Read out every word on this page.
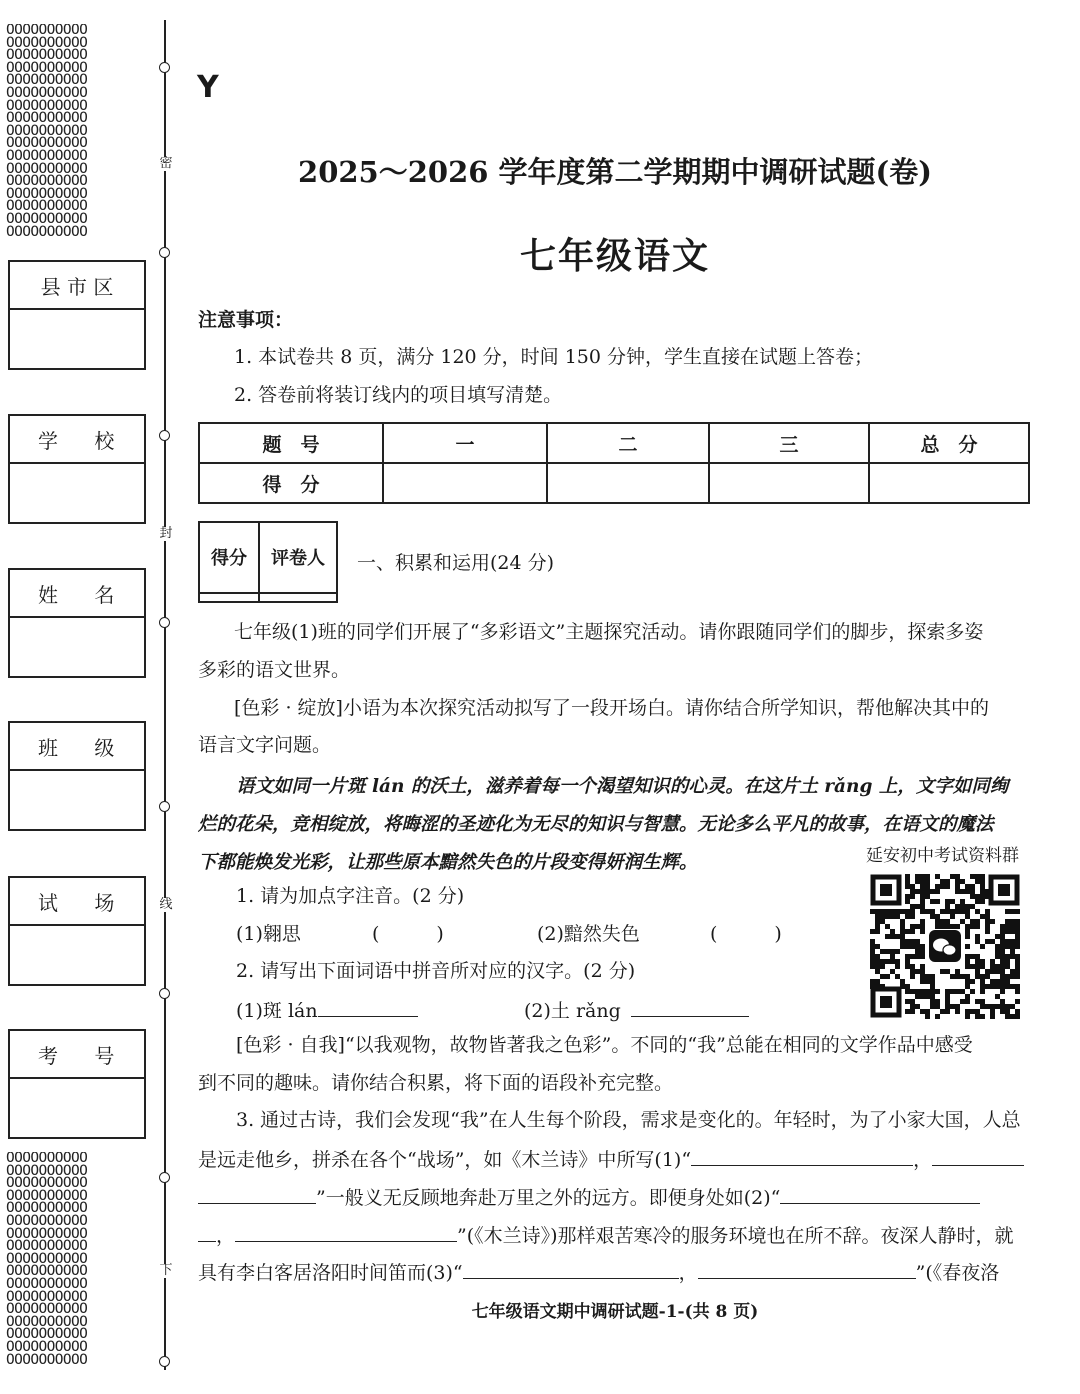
OOOOOOOOOO
OOOOOOOOOO
OOOOOOOOOO
OOOOOOOOOO
OOOOOOOOOO
OOOOOOOOOO
OOOOOOOOOO
OOOOOOOOOO
OOOOOOOOOO
OOOOOOOOOO
OOOOOOOOOO
OOOOOOOOOO
OOOOOOOOOO
OOOOOOOOOO
OOOOOOOOOO
OOOOOOOOOO
OOOOOOOOOO
OOOOOOOOOO
OOOOOOOOOO
OOOOOOOOOO
OOOOOOOOOO
OOOOOOOOOO
OOOOOOOOOO
OOOOOOOOOO
OOOOOOOOOO
OOOOOOOOOO
OOOOOOOOOO
OOOOOOOOOO
OOOOOOOOOO
OOOOOOOOOO
OOOOOOOOOO
OOOOOOOOOO
OOOOOOOOOO
OOOOOOOOOO
密
封
线
下
县 市 区
学 校
姓 名
班 级
试 场
考 号
Y
2025～2026 学年度第二学期期中调研试题(卷)
七年级语文
注意事项：
1. 本试卷共 8 页，满分 120 分，时间 150 分钟，学生直接在试题上答卷；
2. 答卷前将装订线内的项目填写清楚。
题　号	一	二	三	总　分
得　分				
得分	评卷人
	一、积累和运用(24 分)
七年级(1)班的同学们开展了“多彩语文”主题探究活动。请你跟随同学们的脚步，探索多姿
多彩的语文世界。
[色彩 · 绽放]小语为本次探究活动拟写了一段开场白。请你结合所学知识，帮他解决其中的
语言文字问题。
语文如同一片斑 lán 的沃土，滋养着每一个渴望知识的心灵。在这片土 rǎng 上，文字如同绚
烂的花朵，竞相绽放，将晦涩的圣迹化为无尽的知识与智慧。无论多么平凡的故事，在语文的魔法
下都能焕发光彩，让那些原本黯然失色的片段变得妍润生辉。	延安初中考试资料群
1. 请为加点字注音。(2 分)
(1)翱思	(　　　)	(2)黯然失色	(　　　)
2. 请写出下面词语中拼音所对应的汉字。(2 分)
(1)斑 lán	(2)土 rǎng
[色彩 · 自我]“以我观物，故物皆著我之色彩”。不同的“我”总能在相同的文学作品中感受
到不同的趣味。请你结合积累，将下面的语段补充完整。
3. 通过古诗，我们会发现“我”在人生每个阶段，需求是变化的。年轻时，为了小家大国，人总
是远走他乡，拼杀在各个“战场”，如《木兰诗》中所写(1)“	，
”一般义无反顾地奔赴万里之外的远方。即便身处如(2)“
，	”(《木兰诗》)那样艰苦寒冷的服务环境也在所不辞。夜深人静时，就
具有李白客居洛阳时间笛而(3)“	，	”(《春夜洛
七年级语文期中调研试题-1-(共 8 页)
